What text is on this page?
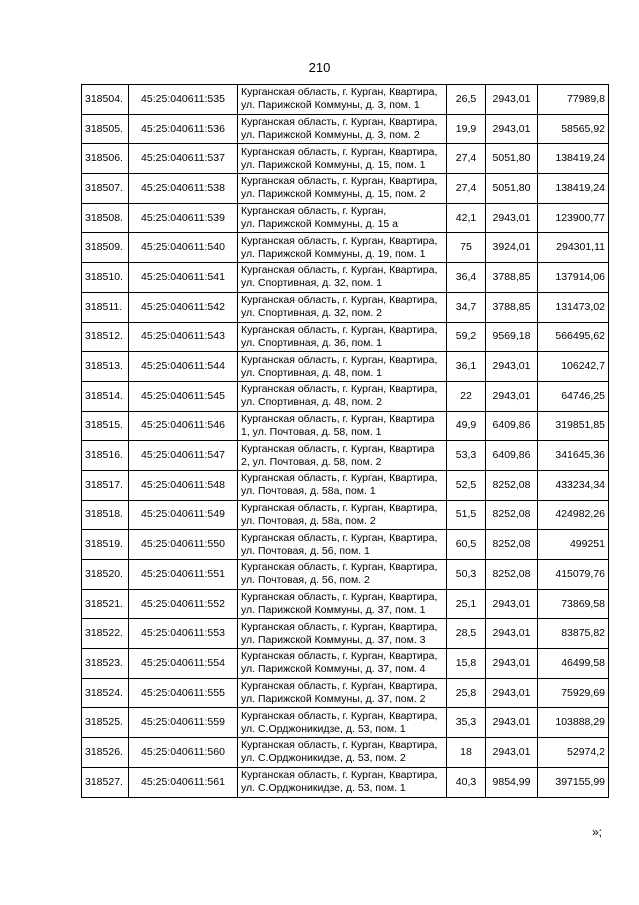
210
318504.	45:25:040611:535	Курганская область, г. Курган, Квартира,
ул. Парижской Коммуны, д. 3, пом. 1	26,5	2943,01	77989,8
318505.	45:25:040611:536	Курганская область, г. Курган, Квартира,
ул. Парижской Коммуны, д. 3, пом. 2	19,9	2943,01	58565,92
318506.	45:25:040611:537	Курганская область, г. Курган, Квартира,
ул. Парижской Коммуны, д. 15, пом. 1	27,4	5051,80	138419,24
318507.	45:25:040611:538	Курганская область, г. Курган, Квартира,
ул. Парижской Коммуны, д. 15, пом. 2	27,4	5051,80	138419,24
318508.	45:25:040611:539	Курганская область, г. Курган,
ул. Парижской Коммуны, д. 15 а	42,1	2943,01	123900,77
318509.	45:25:040611:540	Курганская область, г. Курган, Квартира,
ул. Парижской Коммуны, д. 19, пом. 1	75	3924,01	294301,11
318510.	45:25:040611:541	Курганская область, г. Курган, Квартира,
ул. Спортивная, д. 32, пом. 1	36,4	3788,85	137914,06
318511.	45:25:040611:542	Курганская область, г. Курган, Квартира,
ул. Спортивная, д. 32, пом. 2	34,7	3788,85	131473,02
318512.	45:25:040611:543	Курганская область, г. Курган, Квартира,
ул. Спортивная, д. 36, пом. 1	59,2	9569,18	566495,62
318513.	45:25:040611:544	Курганская область, г. Курган, Квартира,
ул. Спортивная, д. 48, пом. 1	36,1	2943,01	106242,7
318514.	45:25:040611:545	Курганская область, г. Курган, Квартира,
ул. Спортивная, д. 48, пом. 2	22	2943,01	64746,25
318515.	45:25:040611:546	Курганская область, г. Курган, Квартира
1, ул. Почтовая, д. 58, пом. 1	49,9	6409,86	319851,85
318516.	45:25:040611:547	Курганская область, г. Курган, Квартира
2, ул. Почтовая, д. 58, пом. 2	53,3	6409,86	341645,36
318517.	45:25:040611:548	Курганская область, г. Курган, Квартира,
ул. Почтовая, д. 58а, пом. 1	52,5	8252,08	433234,34
318518.	45:25:040611:549	Курганская область, г. Курган, Квартира,
ул. Почтовая, д. 58а, пом. 2	51,5	8252,08	424982,26
318519.	45:25:040611:550	Курганская область, г. Курган, Квартира,
ул. Почтовая, д. 56, пом. 1	60,5	8252,08	499251
318520.	45:25:040611:551	Курганская область, г. Курган, Квартира,
ул. Почтовая, д. 56, пом. 2	50,3	8252,08	415079,76
318521.	45:25:040611:552	Курганская область, г. Курган, Квартира,
ул. Парижской Коммуны, д. 37, пом. 1	25,1	2943,01	73869,58
318522.	45:25:040611:553	Курганская область, г. Курган, Квартира,
ул. Парижской Коммуны, д. 37, пом. 3	28,5	2943,01	83875,82
318523.	45:25:040611:554	Курганская область, г. Курган, Квартира,
ул. Парижской Коммуны, д. 37, пом. 4	15,8	2943,01	46499,58
318524.	45:25:040611:555	Курганская область, г. Курган, Квартира,
ул. Парижской Коммуны, д. 37, пом. 2	25,8	2943,01	75929,69
318525.	45:25:040611:559	Курганская область, г. Курган, Квартира,
ул. С.Орджоникидзе, д. 53, пом. 1	35,3	2943,01	103888,29
318526.	45:25:040611:560	Курганская область, г. Курган, Квартира,
ул. С.Орджоникидзе, д. 53, пом. 2	18	2943,01	52974,2
318527.	45:25:040611:561	Курганская область, г. Курган, Квартира,
ул. С.Орджоникидзе, д. 53, пом. 1	40,3	9854,99	397155,99
»;
